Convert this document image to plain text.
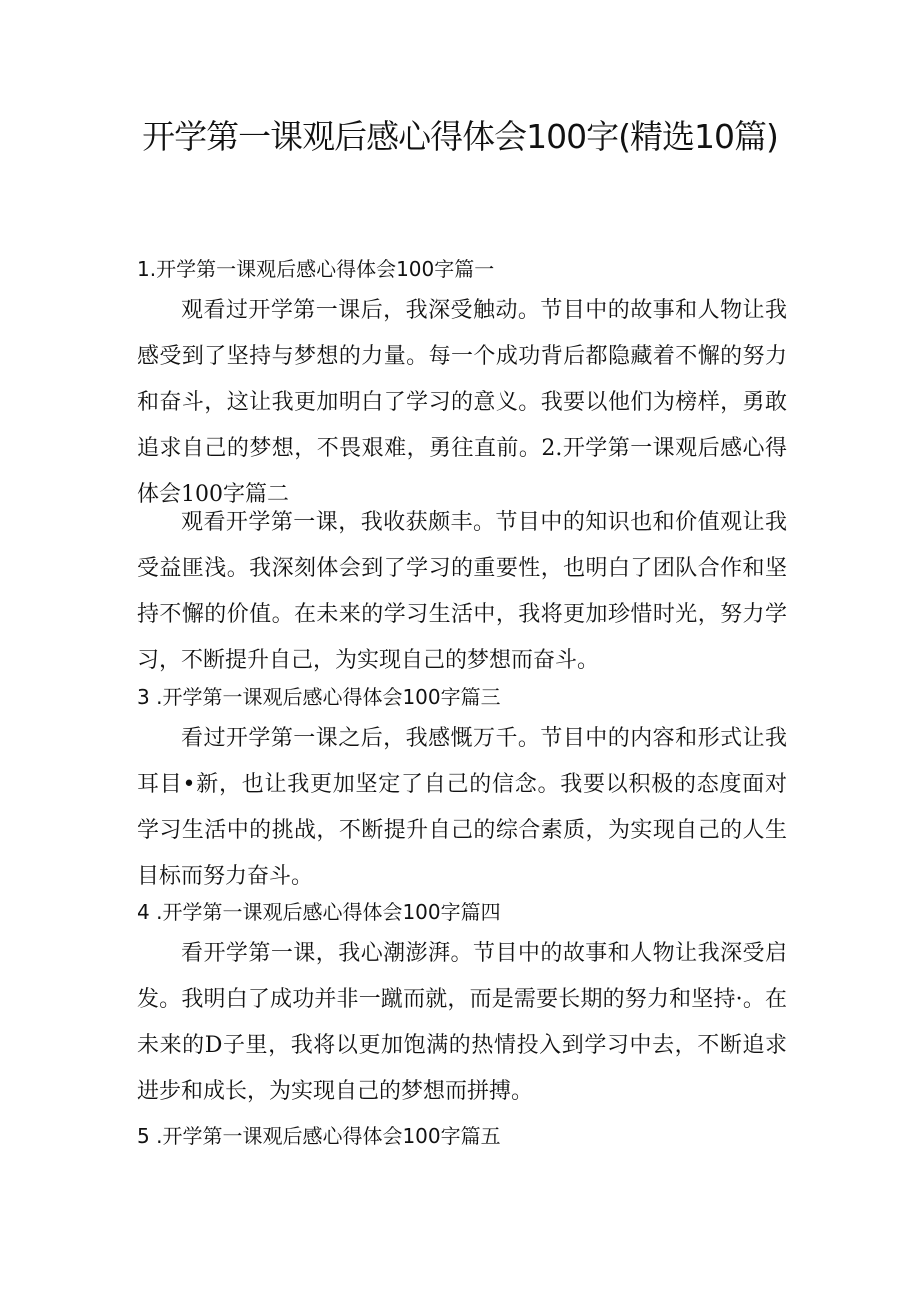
开学第一课观后感心得体会100字(精选10篇)
1.开学第一课观后感心得体会100字篇一

观看过开学第一课后，我深受触动。节目中的故事和人物让我感受到了坚持与梦想的力量。每一个成功背后都隐藏着不懈的努力和奋斗，这让我更加明白了学习的意义。我要以他们为榜样，勇敢追求自己的梦想，不畏艰难，勇往直前。2.开学第一课观后感心得体会100字篇二

观看开学第一课，我收获颇丰。节目中的知识也和价值观让我受益匪浅。我深刻体会到了学习的重要性，也明白了团队合作和坚持不懈的价值。在未来的学习生活中，我将更加珍惜时光，努力学习，不断提升自己，为实现自己的梦想而奋斗。

3 .开学第一课观后感心得体会100字篇三

看过开学第一课之后，我感慨万千。节目中的内容和形式让我耳目•新，也让我更加坚定了自己的信念。我要以积极的态度面对学习生活中的挑战，不断提升自己的综合素质，为实现自己的人生目标而努力奋斗。

4 .开学第一课观后感心得体会100字篇四

看开学第一课，我心潮澎湃。节目中的故事和人物让我深受启发。我明白了成功并非一蹴而就，而是需要长期的努力和坚持·。在未来的D子里，我将以更加饱满的热情投入到学习中去，不断追求进步和成长，为实现自己的梦想而拼搏。

5 .开学第一课观后感心得体会100字篇五
